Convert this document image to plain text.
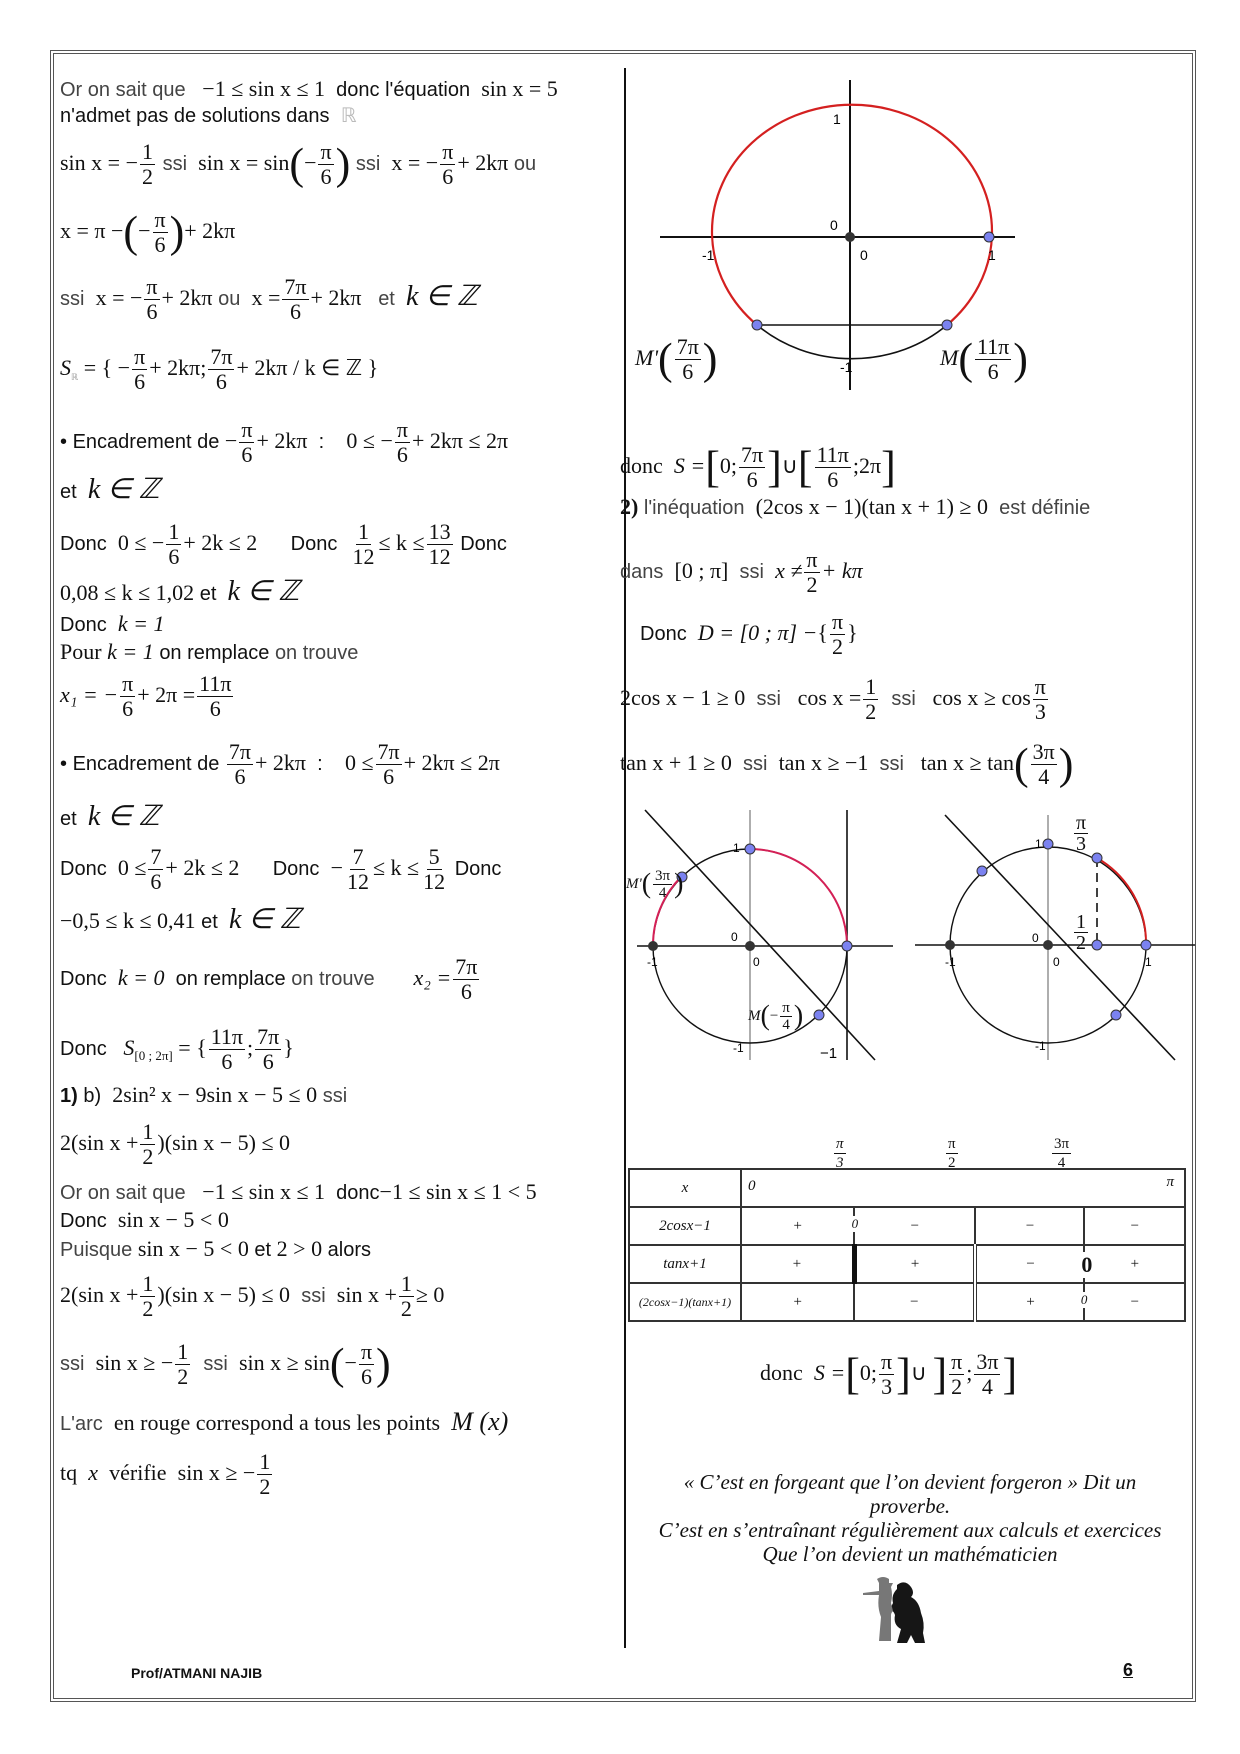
Or on sait que −1 ≤ sin x ≤ 1 donc l'équation sin x = 5
n'admet pas de solutions dans ℝ
sin x = − $\frac{1}{2}$ ssi $\sin x = \sin(- \frac{\pi}{6}$ ) ssi x = − $\frac{\pi}{6} + 2k\pi$ ou
x = π −(− $\frac{\pi}{6}$ )+ 2kπ
ssi x = − $\frac{\pi}{6} + 2k\pi$ ou $x = \frac{7\pi}{6} + 2k\pi$ et k ∈ ℤ
$S_ℝ$ = { − $\frac{\pi}{6} + 2k\pi$; $\frac{7\pi}{6} + 2k\pi / k$ ∈ ℤ }
• Encadrement de − $\frac{\pi}{6} + 2k\pi$ : 0 ≤ − $\frac{\pi}{6} + 2k\pi \le 2\pi$
et k ∈ ℤ
Donc 0 ≤ − $\frac{1}{6} + 2k \le 2$ Donc $\frac{1}{12} \le k \le \frac{13}{12}$ Donc
0,08 ≤ k ≤ 1,02 et k ∈ ℤ
Donc k = 1
Pour k = 1 on remplace on trouve
x₁ = − $\frac{\pi}{6} + 2\pi = \frac{11\pi}{6}$
• Encadrement de $\frac{7\pi}{6} + 2k\pi$ : $0 \le \frac{7\pi}{6} + 2k\pi \le 2\pi$
et k ∈ ℤ
Donc $0 \le \frac{7}{6} + 2k \le 2$ Donc − $\frac{7}{12} \le k \le \frac{5}{12}$ Donc
−0,5 ≤ k ≤ 0,41 et k ∈ ℤ
Donc k = 0 on remplace on trouve $x_2 = \frac{7\pi}{6}$
Donc $S_{[0 ; 2\pi]}$ = { $\frac{11\pi}{6}$ ; $\frac{7\pi}{6}$ }
1) b) 2sin² x − 9sin x − 5 ≤ 0 ssi
2(sin $x + \frac{1}{2} )(\sin$ x − 5) ≤ 0
Or on sait que −1 ≤ sin x ≤ 1 donc−1 ≤ sin x ≤ 1 < 5
Donc sin x − 5 < 0
Puisque sin x − 5 < 0 et 2 > 0 alors
2(sin $x + \frac{1}{2} )(\sin$ x − 5) ≤ 0 ssi $\sin x + \frac{1}{2} \ge 0$
ssi sin x ≥ − $\frac{1}{2}$ ssi $\sin x \ge \sin(- \frac{\pi}{6}$ )
L'arc en rouge correspond a tous les points M (x)
tq x vérifie sin x ≥ − $\frac{1}{2}$
1
0
0
-1	1
-1
$M'( \frac{7\pi}{6}$ )	$M( \frac{11\pi}{6}$ )
donc S =[0; $\frac{7\pi}{6}$ ]∪[ $\frac{11\pi}{6}$ ;2π]
2) l'inéquation (2cos x − 1)(tan x + 1) ≥ 0 est définie
dans [0 ; π] ssi $x \ne \frac{\pi}{2} + k\pi$
Donc D = [0 ; π] −{ $\frac{\pi}{2}$ }
2cos x − 1 ≥ 0 ssi $\cos x = \frac{1}{2}$ ssi $\cos x \ge \cos \frac{\pi}{3}$
tan x + 1 ≥ 0 ssi tan x ≥ −1 ssi $\tan x \ge \tan( \frac{3\pi}{4}$ )
1
0
0
-1
-1	−1
$M'( \frac{3\pi}{4}$ )
$M(- \frac{\pi}{4}$ )
1
0
0
-1	1
-1
$\frac{\pi}{3}$
$\frac{1}{2}$
$\frac{\pi}{3}$	$\frac{\pi}{2}$	$\frac{3\pi}{4}$
x	0 π			

2cosx−1	+ 0	−	−	−
tanx+1	+	+	− 0	+
(2cosx−1)(tanx+1)	+	−	+ 0	−
donc S =[0; $\frac{\pi}{3}$ ]∪ ] $\frac{\pi}{2}$ ; $\frac{3\pi}{4}$ ]
« C’est en forgeant que l’on devient forgeron » Dit un
proverbe.
C’est en s’entraînant régulièrement aux calculs et exercices
Que l’on devient un mathématicien
Prof/ATMANI NAJIB	6
